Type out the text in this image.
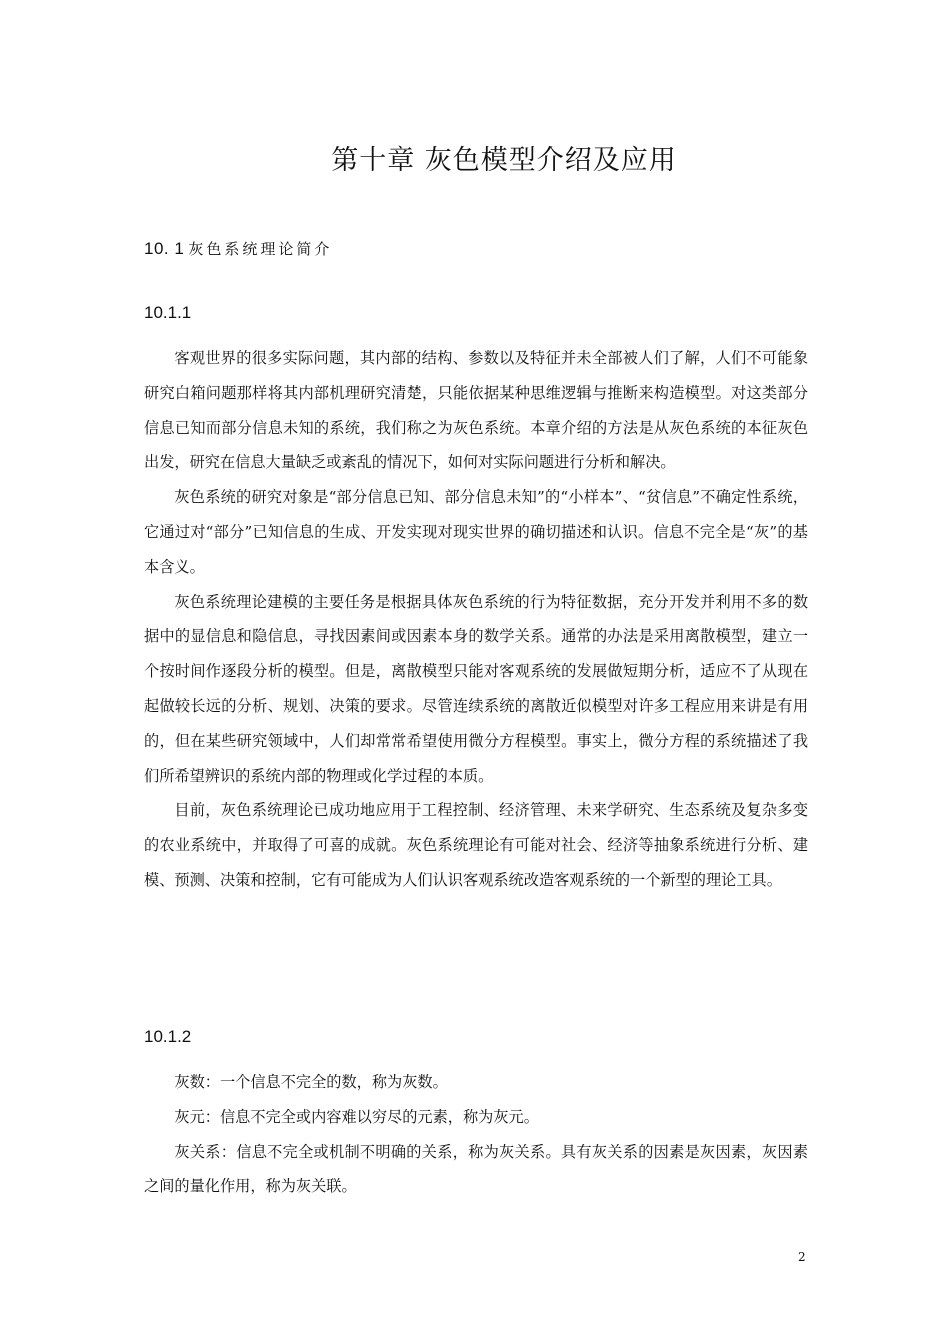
第十章 灰色模型介绍及应用
10. 1 灰色系统理论简介
10.1.1

客观世界的很多实际问题，其内部的结构、参数以及特征并未全部被人们了解，人们不可能象研究白箱问题那样将其内部机理研究清楚，只能依据某种思维逻辑与推断来构造模型。对这类部分信息已知而部分信息未知的系统，我们称之为灰色系统。本章介绍的方法是从灰色系统的本征灰色出发，研究在信息大量缺乏或紊乱的情况下，如何对实际问题进行分析和解决。

灰色系统的研究对象是“部分信息已知、部分信息未知”的“小样本”、“贫信息”不确定性系统，它通过对“部分”已知信息的生成、开发实现对现实世界的确切描述和认识。信息不完全是“灰”的基本含义。

灰色系统理论建模的主要任务是根据具体灰色系统的行为特征数据，充分开发并利用不多的数据中的显信息和隐信息，寻找因素间或因素本身的数学关系。通常的办法是采用离散模型，建立一个按时间作逐段分析的模型。但是，离散模型只能对客观系统的发展做短期分析，适应不了从现在起做较长远的分析、规划、决策的要求。尽管连续系统的离散近似模型对许多工程应用来讲是有用的，但在某些研究领域中，人们却常常希望使用微分方程模型。事实上，微分方程的系统描述了我们所希望辨识的系统内部的物理或化学过程的本质。

目前，灰色系统理论已成功地应用于工程控制、经济管理、未来学研究、生态系统及复杂多变的农业系统中，并取得了可喜的成就。灰色系统理论有可能对社会、经济等抽象系统进行分析、建模、预测、决策和控制，它有可能成为人们认识客观系统改造客观系统的一个新型的理论工具。

10.1.2

灰数：一个信息不完全的数，称为灰数。

灰元：信息不完全或内容难以穷尽的元素，称为灰元。

灰关系：信息不完全或机制不明确的关系，称为灰关系。具有灰关系的因素是灰因素，灰因素之间的量化作用，称为灰关联。

2
